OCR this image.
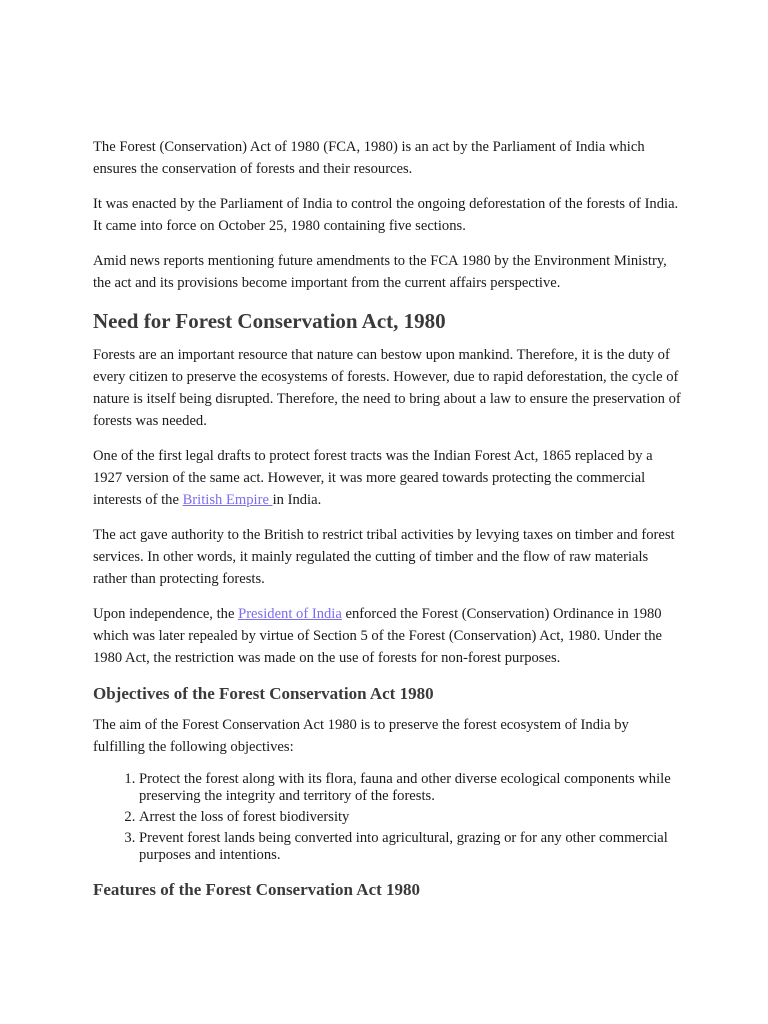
The Forest (Conservation) Act of 1980 (FCA, 1980) is an act by the Parliament of India which ensures the conservation of forests and their resources.

It was enacted by the Parliament of India to control the ongoing deforestation of the forests of India. It came into force on October 25, 1980 containing five sections.

Amid news reports mentioning future amendments to the FCA 1980 by the Environment Ministry, the act and its provisions become important from the current affairs perspective.

Need for Forest Conservation Act, 1980

Forests are an important resource that nature can bestow upon mankind. Therefore, it is the duty of every citizen to preserve the ecosystems of forests. However, due to rapid deforestation, the cycle of nature is itself being disrupted. Therefore, the need to bring about a law to ensure the preservation of forests was needed.

One of the first legal drafts to protect forest tracts was the Indian Forest Act, 1865 replaced by a 1927 version of the same act. However, it was more geared towards protecting the commercial interests of the British Empire in India.

The act gave authority to the British to restrict tribal activities by levying taxes on timber and forest services. In other words, it mainly regulated the cutting of timber and the flow of raw materials rather than protecting forests.

Upon independence, the President of India enforced the Forest (Conservation) Ordinance in 1980 which was later repealed by virtue of Section 5 of the Forest (Conservation) Act, 1980. Under the 1980 Act, the restriction was made on the use of forests for non-forest purposes.

Objectives of the Forest Conservation Act 1980

The aim of the Forest Conservation Act 1980 is to preserve the forest ecosystem of India by fulfilling the following objectives:

1. Protect the forest along with its flora, fauna and other diverse ecological components while preserving the integrity and territory of the forests.
2. Arrest the loss of forest biodiversity
3. Prevent forest lands being converted into agricultural, grazing or for any other commercial purposes and intentions.
Features of the Forest Conservation Act 1980
